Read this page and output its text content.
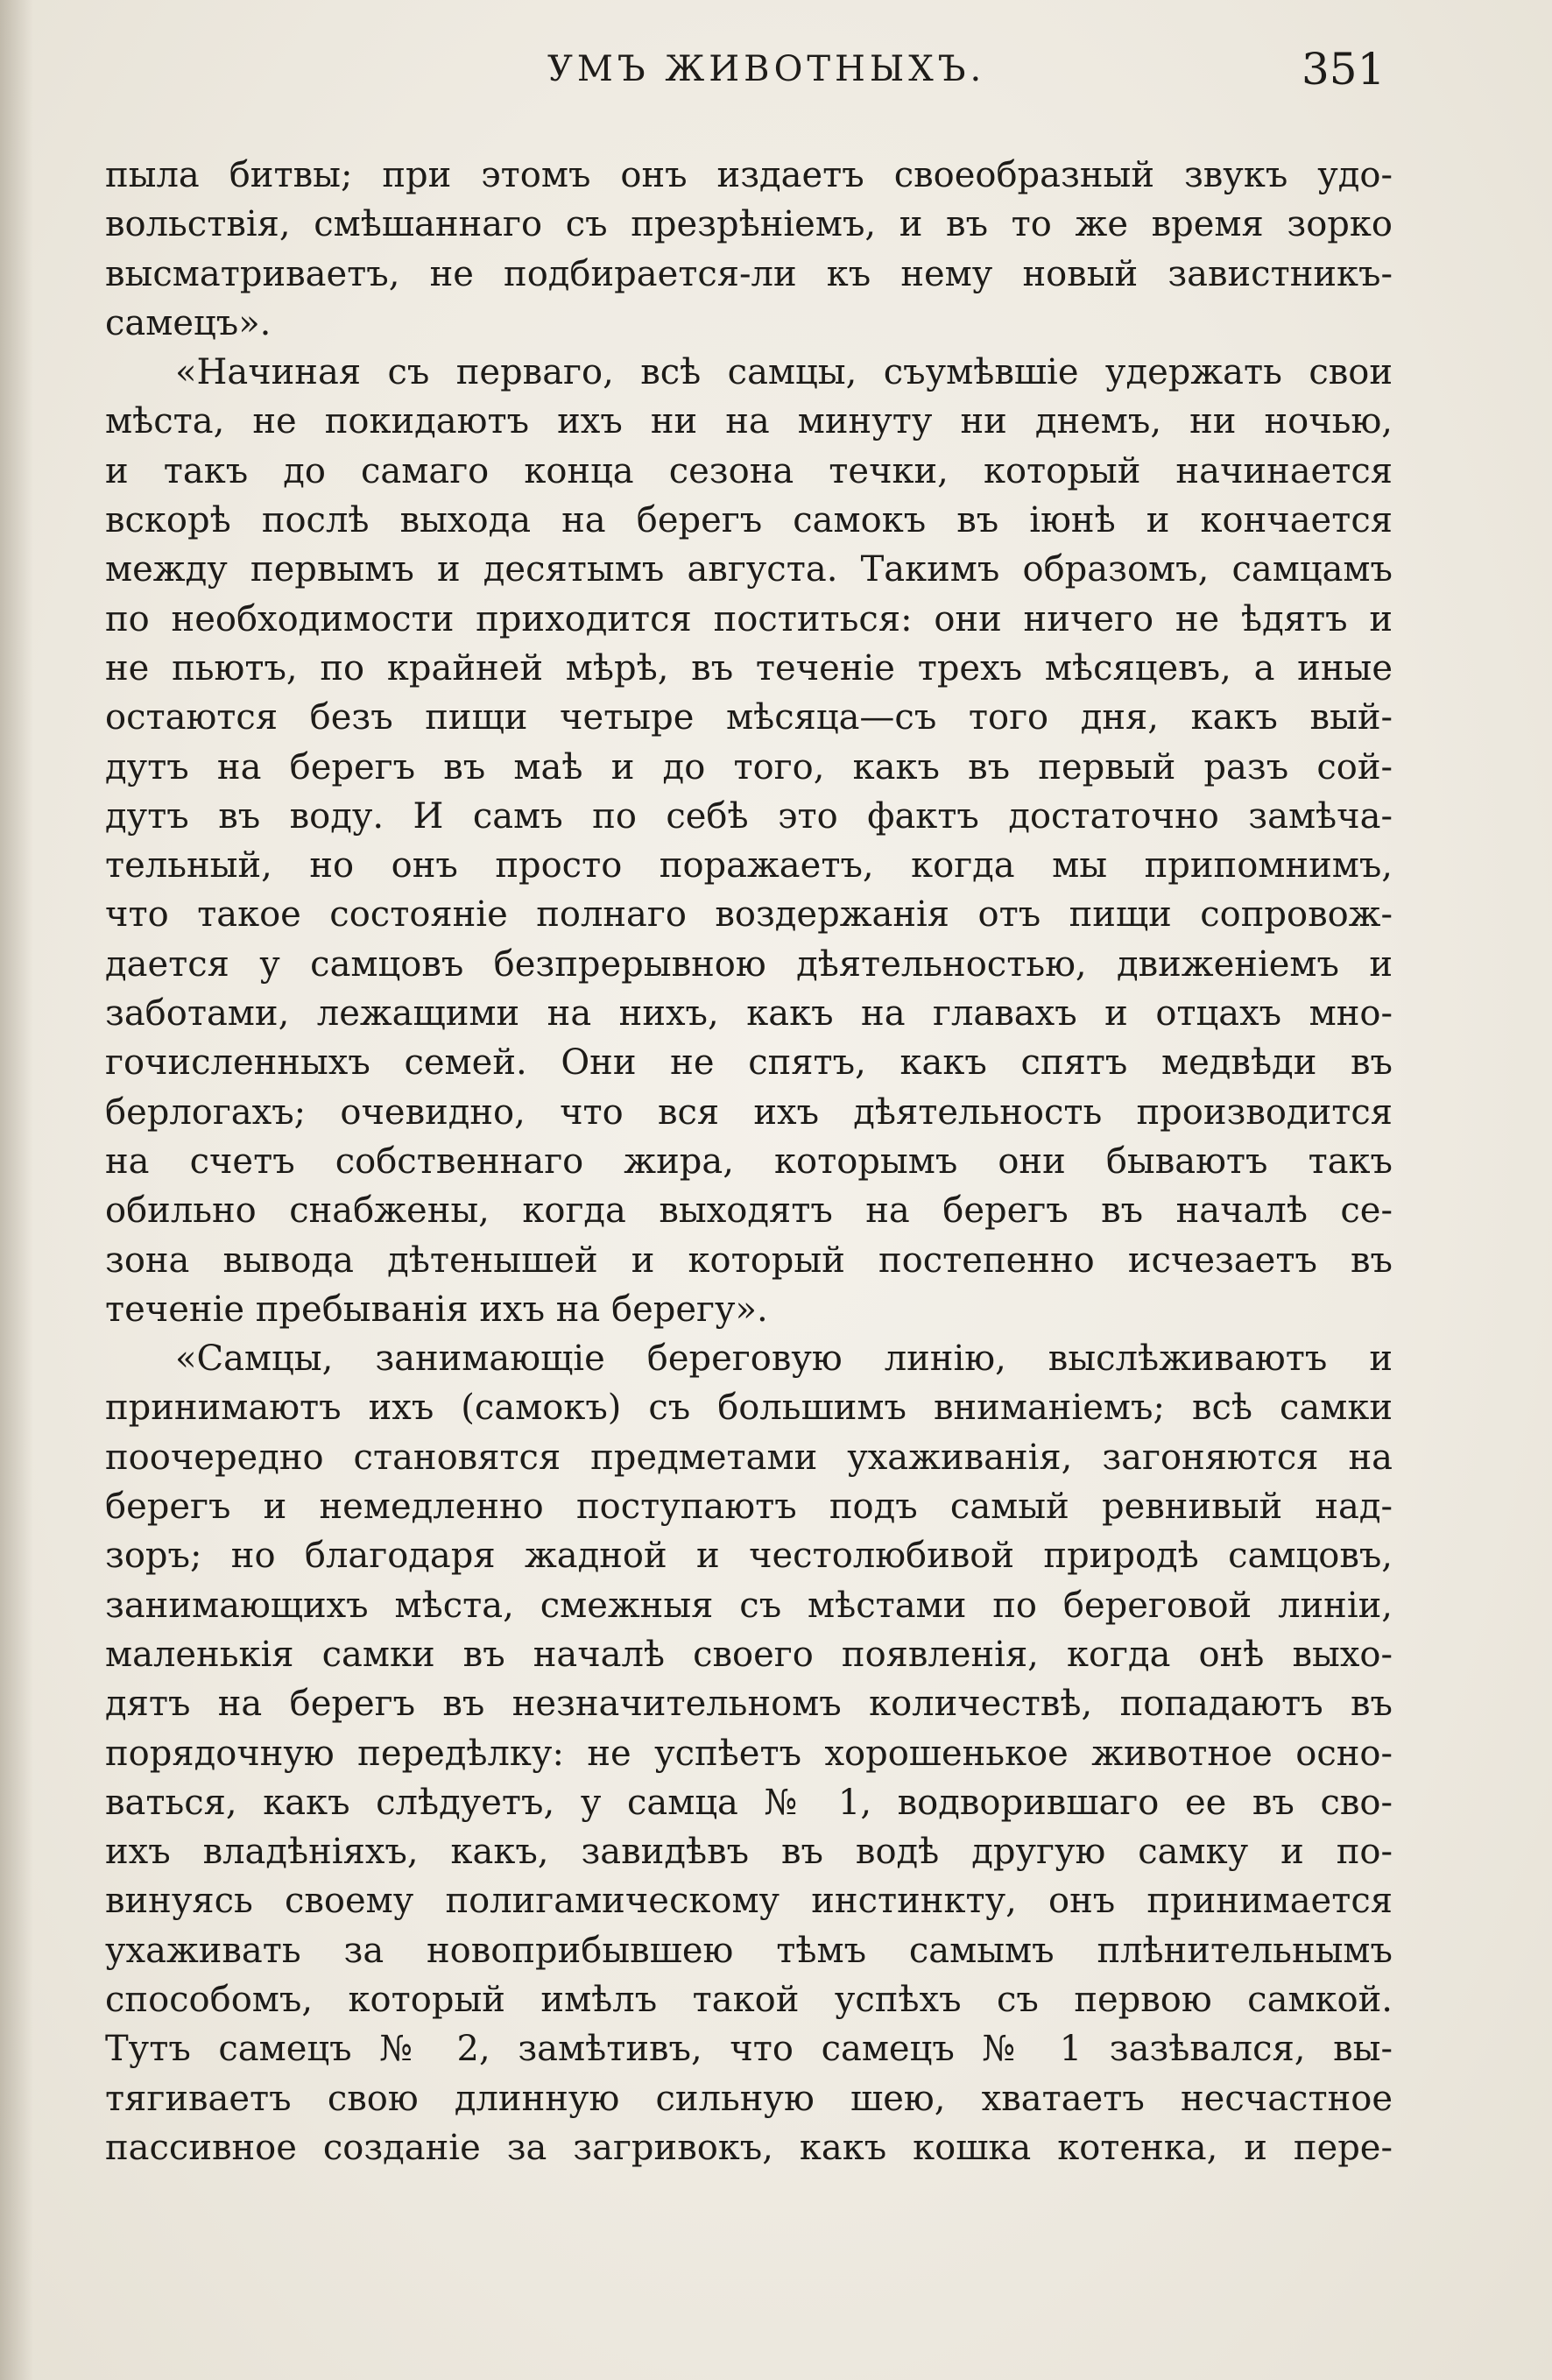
УМЪ ЖИВОТНЫХЪ.	351
пыла битвы; при этомъ онъ издаетъ своеобразный звукъ удо-
вольствія, смѣшаннаго съ презрѣніемъ, и въ то же время зорко
высматриваетъ, не подбирается-ли къ нему новый завистникъ-
самецъ».
«Начиная съ перваго, всѣ самцы, съумѣвшіе удержать свои
мѣста, не покидаютъ ихъ ни на минуту ни днемъ, ни ночью,
и такъ до самаго конца сезона течки, который начинается
вскорѣ послѣ выхода на берегъ самокъ въ іюнѣ и кончается
между первымъ и десятымъ августа. Такимъ образомъ, самцамъ
по необходимости приходится поститься: они ничего не ѣдятъ и
не пьютъ, по крайней мѣрѣ, въ теченіе трехъ мѣсяцевъ, а иные
остаются безъ пищи четыре мѣсяца—съ того дня, какъ вый-
дутъ на берегъ въ маѣ и до того, какъ въ первый разъ сой-
дутъ въ воду. И самъ по себѣ это фактъ достаточно замѣча-
тельный, но онъ просто поражаетъ, когда мы припомнимъ,
что такое состояніе полнаго воздержанія отъ пищи сопровож-
дается у самцовъ безпрерывною дѣятельностью, движеніемъ и
заботами, лежащими на нихъ, какъ на главахъ и отцахъ мно-
гочисленныхъ семей. Они не спятъ, какъ спятъ медвѣди въ
берлогахъ; очевидно, что вся ихъ дѣятельность производится
на счетъ собственнаго жира, которымъ они бываютъ такъ
обильно снабжены, когда выходятъ на берегъ въ началѣ се-
зона вывода дѣтенышей и который постепенно исчезаетъ въ
теченіе пребыванія ихъ на берегу».
«Самцы, занимающіе береговую линію, выслѣживаютъ и
принимаютъ ихъ (самокъ) съ большимъ вниманіемъ; всѣ самки
поочередно становятся предметами ухаживанія, загоняются на
берегъ и немедленно поступаютъ подъ самый ревнивый над-
зоръ; но благодаря жадной и честолюбивой природѣ самцовъ,
занимающихъ мѣста, смежныя съ мѣстами по береговой линіи,
маленькія самки въ началѣ своего появленія, когда онѣ выхо-
дятъ на берегъ въ незначительномъ количествѣ, попадаютъ въ
порядочную передѣлку: не успѣетъ хорошенькое животное осно-
ваться, какъ слѣдуетъ, у самца № 1, водворившаго ее въ сво-
ихъ владѣніяхъ, какъ, завидѣвъ въ водѣ другую самку и по-
винуясь своему полигамическому инстинкту, онъ принимается
ухаживать за новоприбывшею тѣмъ самымъ плѣнительнымъ
способомъ, который имѣлъ такой успѣхъ съ первою самкой.
Тутъ самецъ № 2, замѣтивъ, что самецъ № 1 зазѣвался, вы-
тягиваетъ свою длинную сильную шею, хватаетъ несчастное
пассивное созданіе за загривокъ, какъ кошка котенка, и пере-
